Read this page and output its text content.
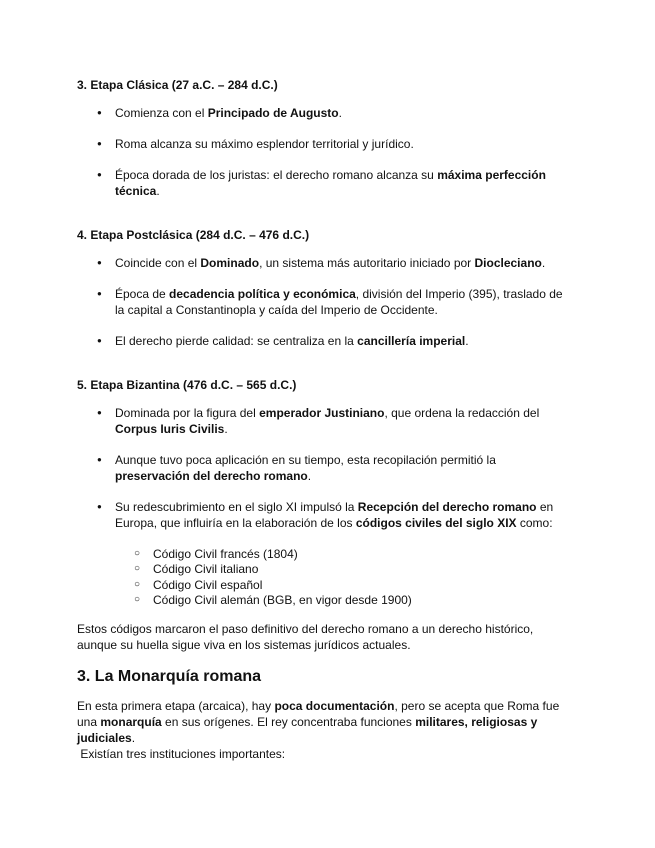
3. Etapa Clásica (27 a.C. – 284 d.C.)

● Comienza con el Principado de Augusto.

● Roma alcanza su máximo esplendor territorial y jurídico.

● Época dorada de los juristas: el derecho romano alcanza su máxima perfección técnica.

4. Etapa Postclásica (284 d.C. – 476 d.C.)

● Coincide con el Dominado, un sistema más autoritario iniciado por Diocleciano.

● Época de decadencia política y económica, división del Imperio (395), traslado de la capital a Constantinopla y caída del Imperio de Occidente.

● El derecho pierde calidad: se centraliza en la cancillería imperial.

5. Etapa Bizantina (476 d.C. – 565 d.C.)

● Dominada por la figura del emperador Justiniano, que ordena la redacción del Corpus Iuris Civilis.

● Aunque tuvo poca aplicación en su tiempo, esta recopilación permitió la preservación del derecho romano.

● Su redescubrimiento en el siglo XI impulsó la Recepción del derecho romano en Europa, que influiría en la elaboración de los códigos civiles del siglo XIX como:

○ Código Civil francés (1804)

○ Código Civil italiano

○ Código Civil español

○ Código Civil alemán (BGB, en vigor desde 1900)

Estos códigos marcaron el paso definitivo del derecho romano a un derecho histórico, aunque su huella sigue viva en los sistemas jurídicos actuales.

3. La Monarquía romana

En esta primera etapa (arcaica), hay poca documentación, pero se acepta que Roma fue una monarquía en sus orígenes. El rey concentraba funciones militares, religiosas y judiciales.
Existían tres instituciones importantes:
